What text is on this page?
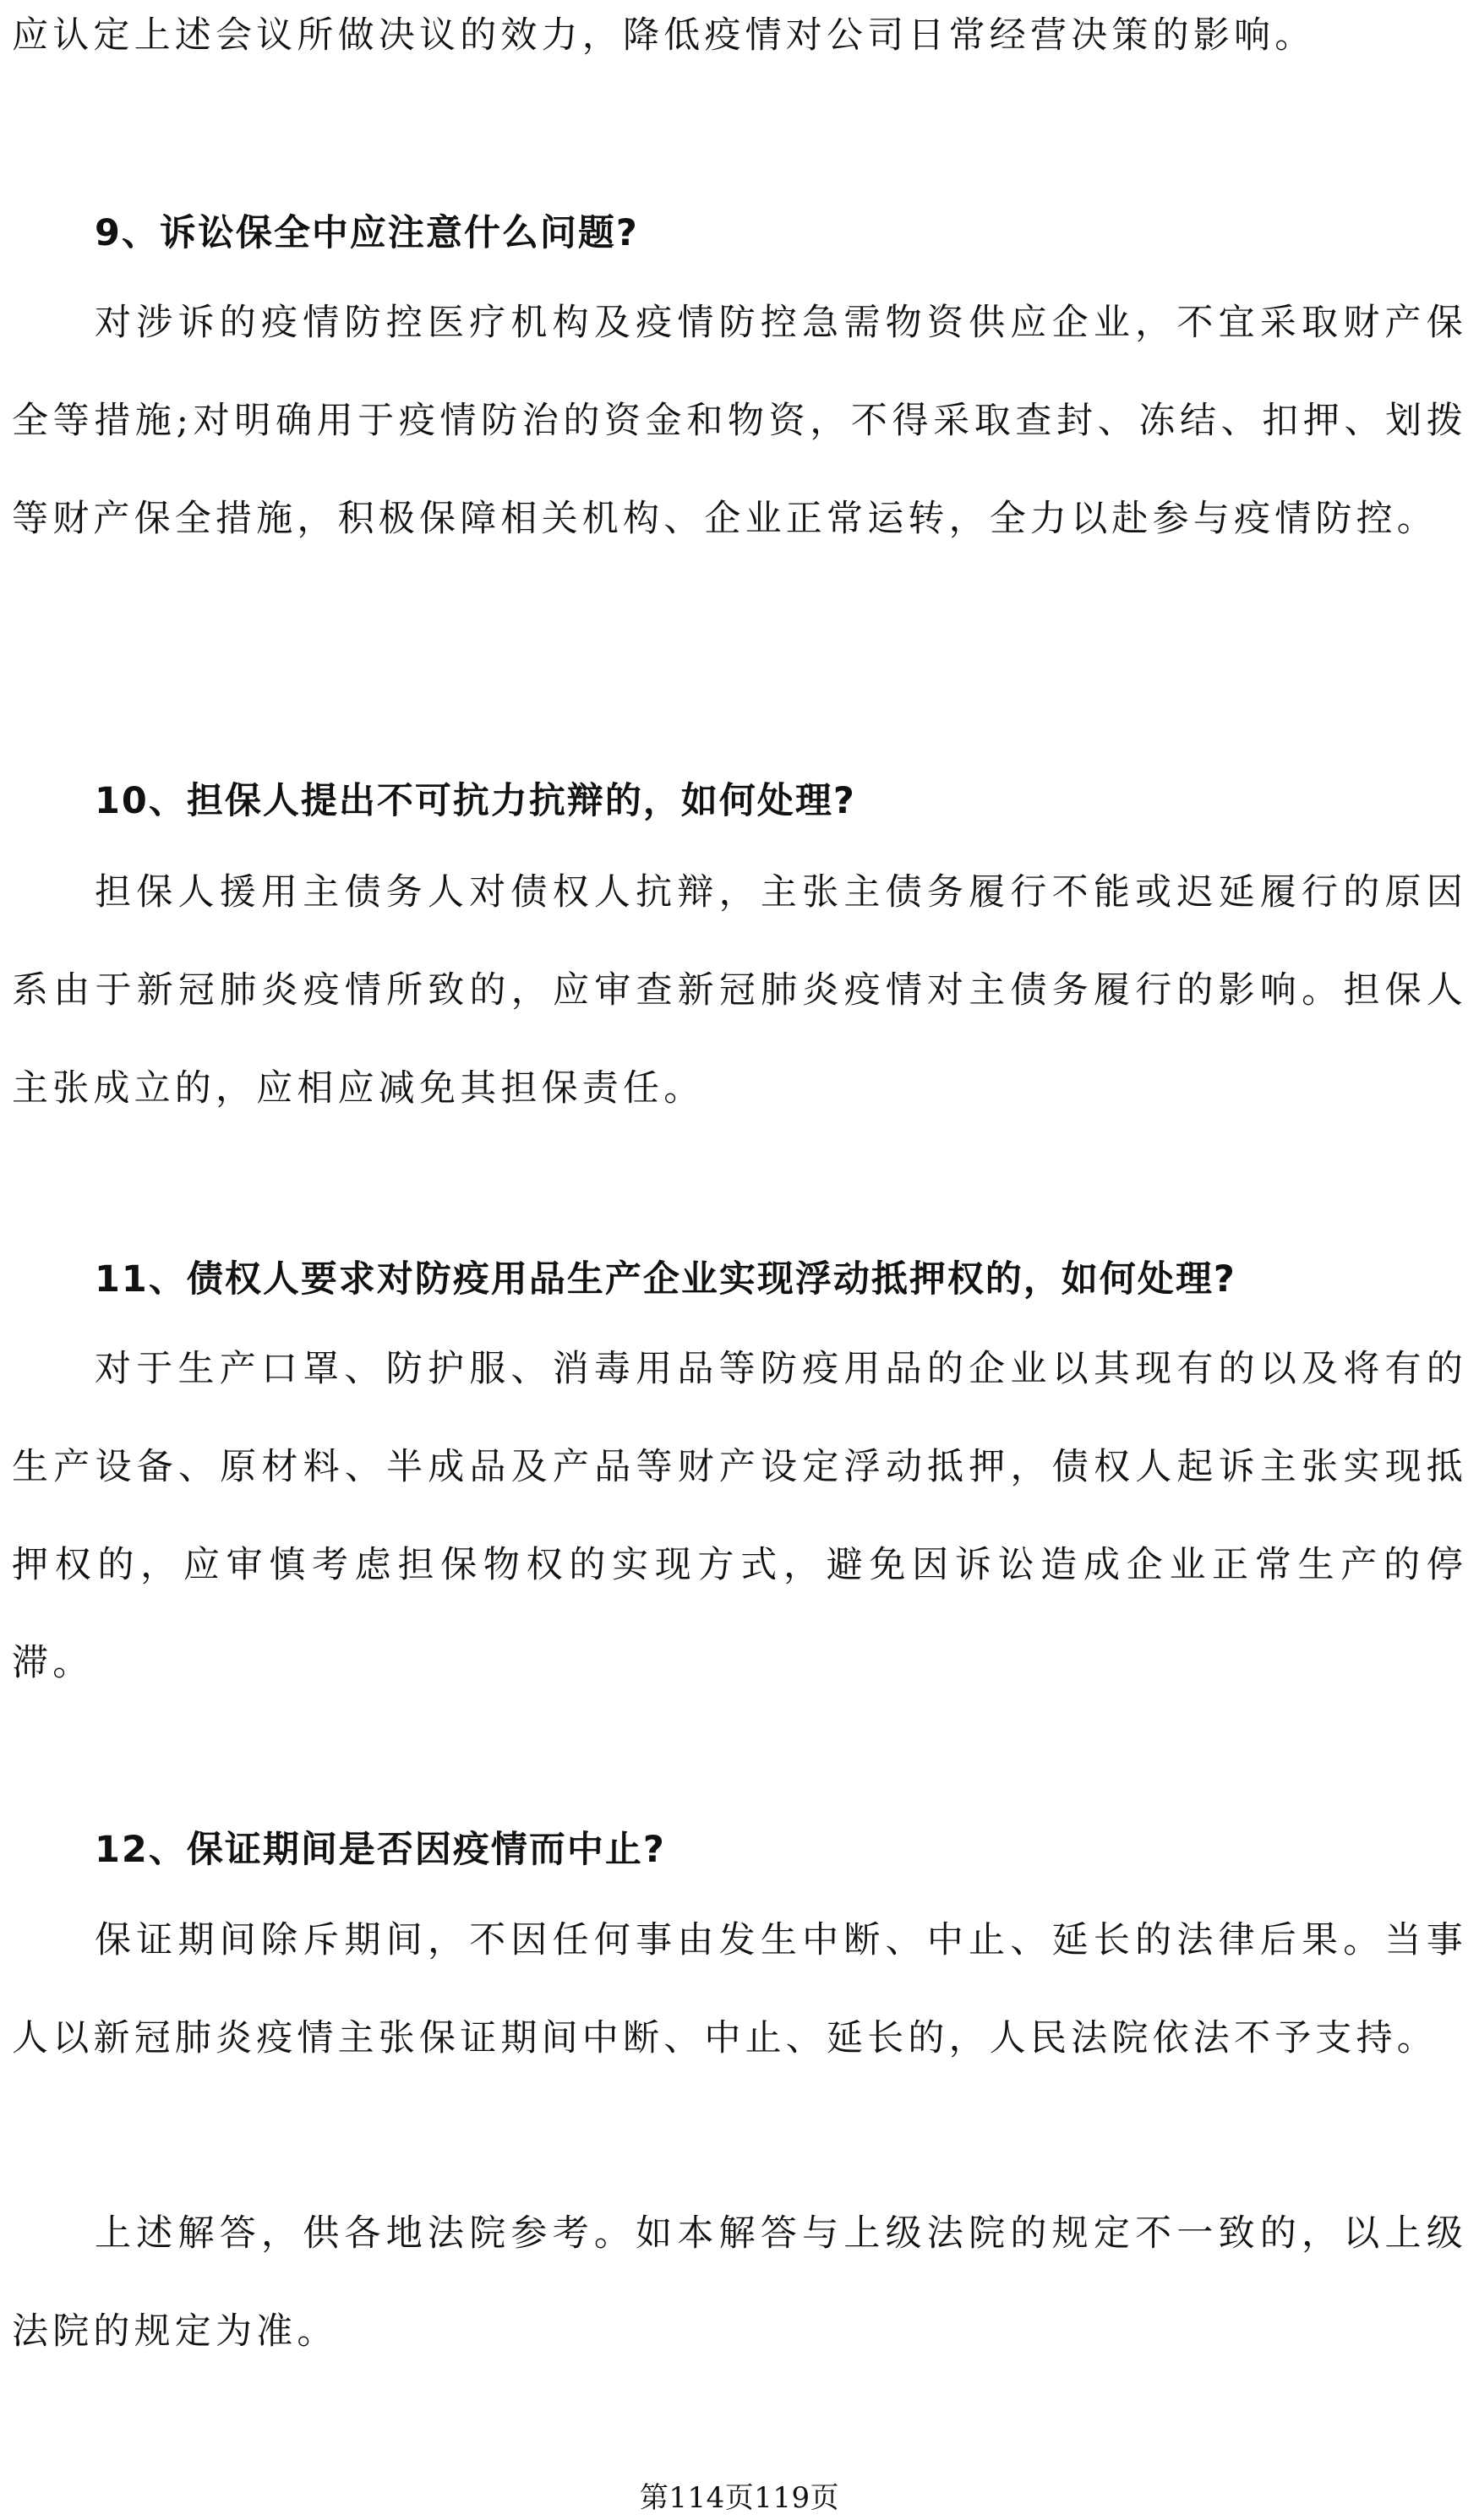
应认定上述会议所做决议的效力，降低疫情对公司日常经营决策的影响。

9、诉讼保全中应注意什么问题?

对涉诉的疫情防控医疗机构及疫情防控急需物资供应企业，不宜采取财产保全等措施;对明确用于疫情防治的资金和物资，不得采取查封、冻结、扣押、划拨等财产保全措施，积极保障相关机构、企业正常运转，全力以赴参与疫情防控。

10、担保人提出不可抗力抗辩的，如何处理?

担保人援用主债务人对债权人抗辩，主张主债务履行不能或迟延履行的原因系由于新冠肺炎疫情所致的，应审查新冠肺炎疫情对主债务履行的影响。担保人主张成立的，应相应减免其担保责任。

11、债权人要求对防疫用品生产企业实现浮动抵押权的，如何处理?

对于生产口罩、防护服、消毒用品等防疫用品的企业以其现有的以及将有的生产设备、原材料、半成品及产品等财产设定浮动抵押，债权人起诉主张实现抵押权的，应审慎考虑担保物权的实现方式，避免因诉讼造成企业正常生产的停滞。

12、保证期间是否因疫情而中止?

保证期间除斥期间，不因任何事由发生中断、中止、延长的法律后果。当事人以新冠肺炎疫情主张保证期间中断、中止、延长的，人民法院依法不予支持。

上述解答，供各地法院参考。如本解答与上级法院的规定不一致的，以上级法院的规定为准。

第114页119页
